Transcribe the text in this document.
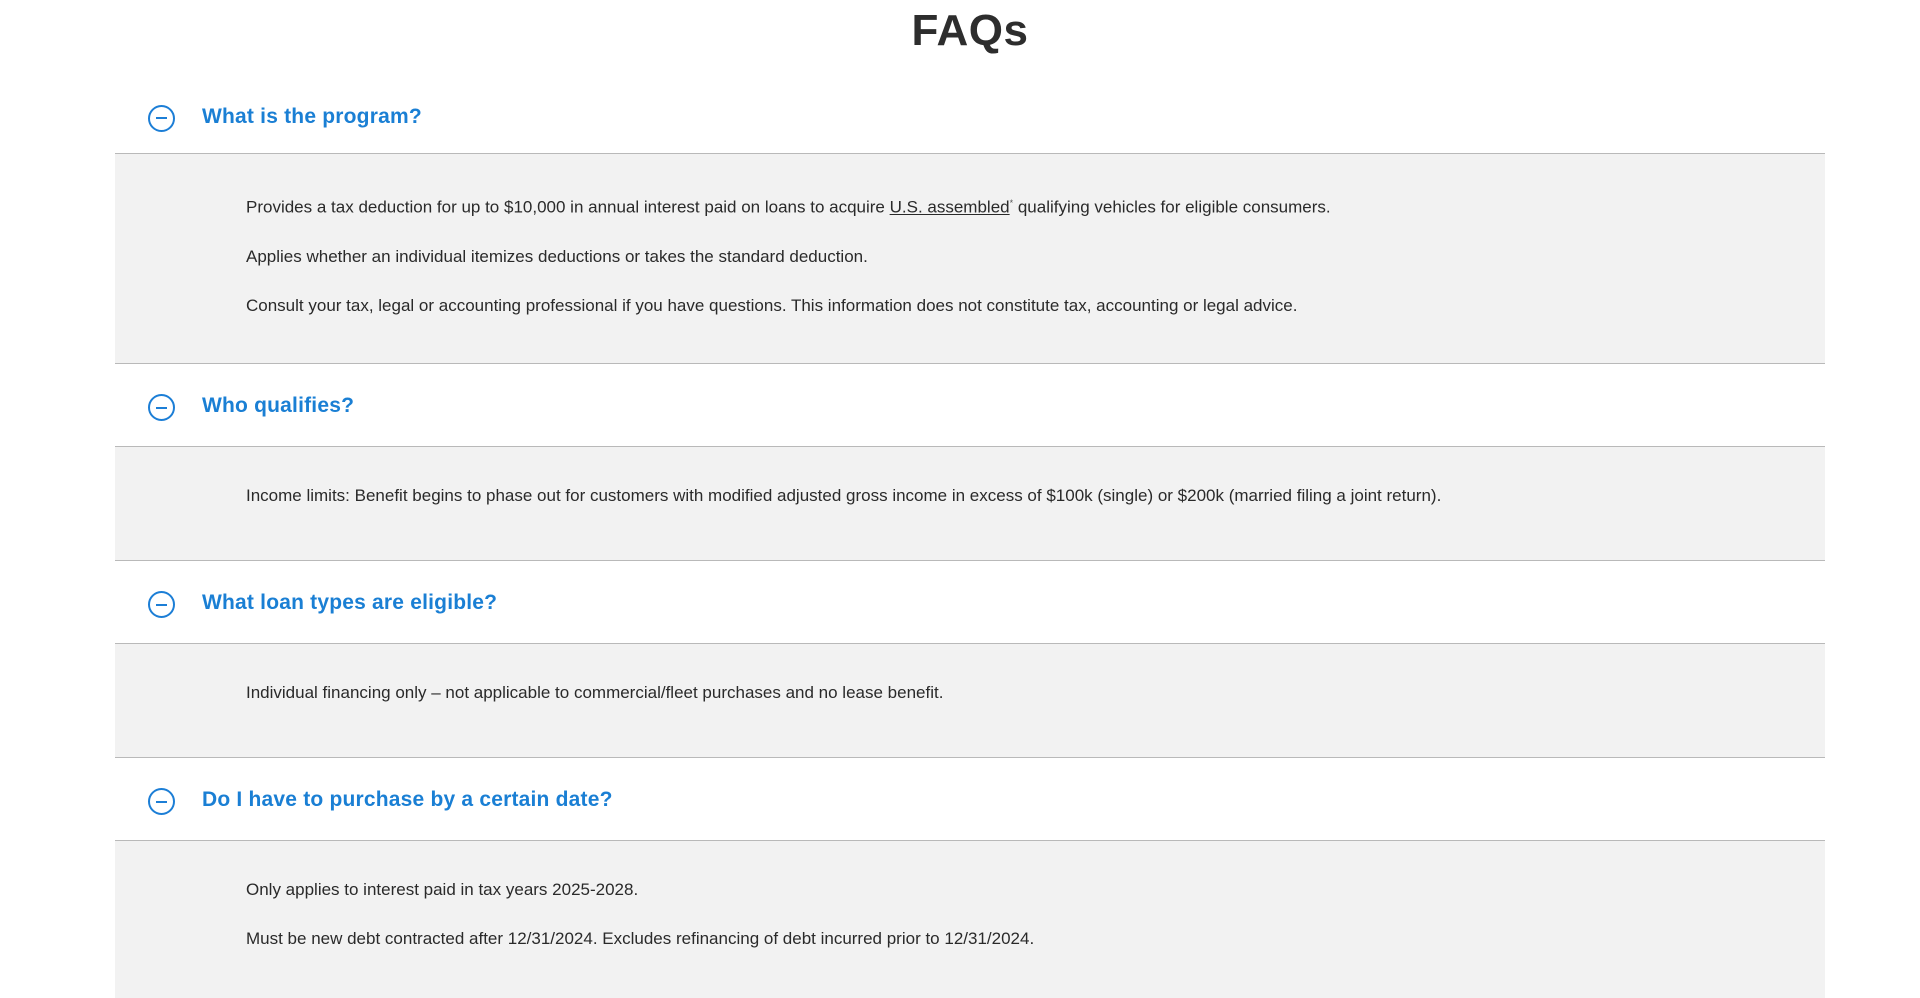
FAQs
What is the program?

Provides a tax deduction for up to $10,000 in annual interest paid on loans to acquire U.S. assembled* qualifying vehicles for eligible consumers.

Applies whether an individual itemizes deductions or takes the standard deduction.

Consult your tax, legal or accounting professional if you have questions. This information does not constitute tax, accounting or legal advice.

Who qualifies?

Income limits: Benefit begins to phase out for customers with modified adjusted gross income in excess of $100k (single) or $200k (married filing a joint return).

What loan types are eligible?

Individual financing only – not applicable to commercial/fleet purchases and no lease benefit.

Do I have to purchase by a certain date?

Only applies to interest paid in tax years 2025-2028.

Must be new debt contracted after 12/31/2024. Excludes refinancing of debt incurred prior to 12/31/2024.
